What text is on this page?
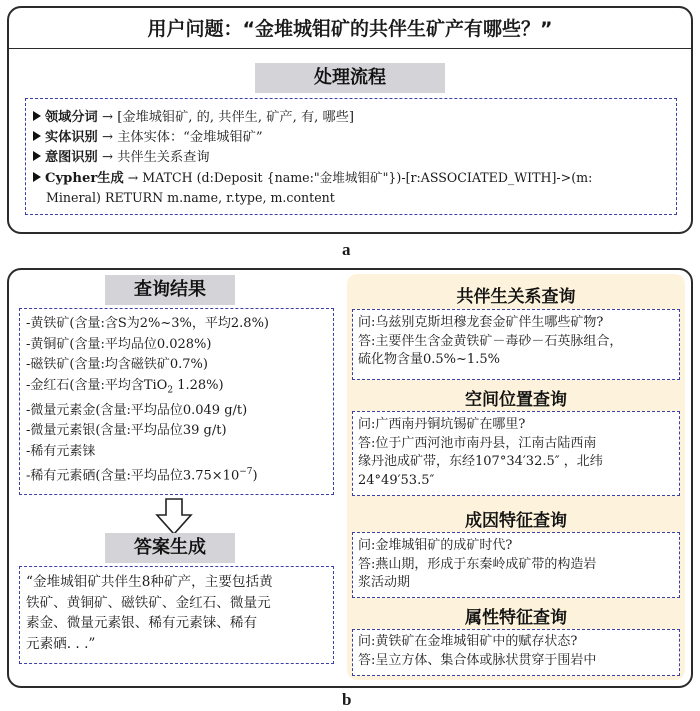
用户问题：“金堆城钼矿的共伴生矿产有哪些？”
处理流程
领域分词 → [金堆城钼矿, 的, 共伴生, 矿产, 有, 哪些]
实体识别 → 主体实体：“金堆城钼矿”
意图识别 → 共伴生关系查询
Cypher生成 → MATCH (d:Deposit {name:"金堆城钼矿"})-[r:ASSOCIATED_WITH]->(m:
Mineral) RETURN m.name, r.type, m.content
a
查询结果
-黄铁矿(含量:含S为2%~3%，平均2.8%)
-黄铜矿(含量:平均品位0.028%)
-磁铁矿(含量:均含磁铁矿0.7%)
-金红石(含量:平均含TiO$_2$ 1.28%)
-微量元素金(含量:平均品位0.049 g/t)
-微量元素银(含量:平均品位39 g/t)
-稀有元素铼
-稀有元素硒(含量:平均品位$3.75\times 10^{-7}$)
答案生成
“金堆城钼矿共伴生8种矿产，主要包括黄
铁矿、黄铜矿、磁铁矿、金红石、微量元
素金、微量元素银、稀有元素铼、稀有
元素硒. . .”
共伴生关系查询
问:乌兹别克斯坦穆龙套金矿伴生哪些矿物?
答:主要伴生含金黄铁矿－毒砂－石英脉组合，
硫化物含量0.5%~1.5%
空间位置查询
问:广西南丹铜坑锡矿在哪里?
答:位于广西河池市南丹县，江南古陆西南
缘丹池成矿带，东经107°34′32.5″ ，北纬
24°49′53.5″
成因特征查询
问:金堆城钼矿的成矿时代?
答:燕山期，形成于东秦岭成矿带的构造岩
浆活动期
属性特征查询
问:黄铁矿在金堆城钼矿中的赋存状态?
答:呈立方体、集合体或脉状贯穿于围岩中
b
